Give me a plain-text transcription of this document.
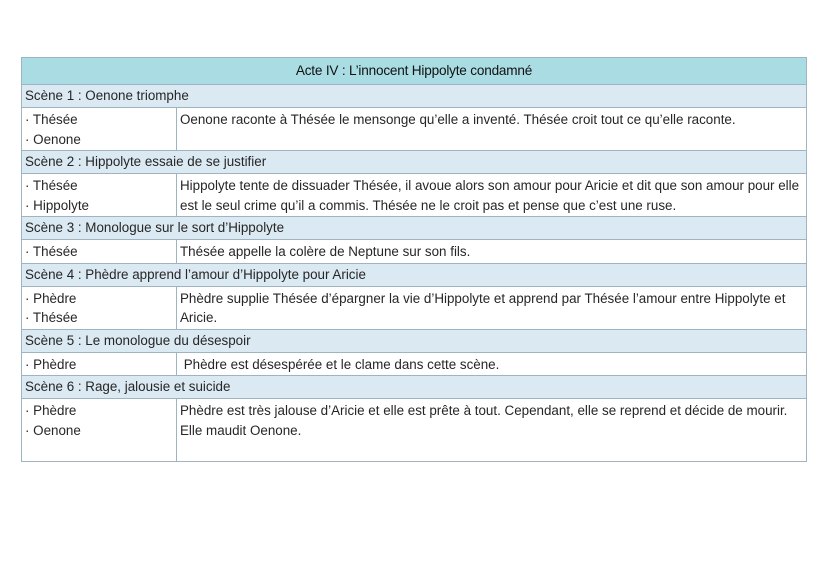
Acte IV : L’innocent Hippolyte condamné	
Scène 1 : Oenone triomphe	

· Thésée
· Oenone	Oenone raconte à Thésée le mensonge qu’elle a inventé. Thésée croit tout ce qu’elle raconte.

Scène 2 : Hippolyte essaie de se justifier	

· Thésée
· Hippolyte	Hippolyte tente de dissuader Thésée, il avoue alors son amour pour Aricie et dit que son amour pour elle est le seul crime qu’il a commis. Thésée ne le croit pas et pense que c’est une ruse.

Scène 3 : Monologue sur le sort d’Hippolyte	

· Thésée	Thésée appelle la colère de Neptune sur son fils.

Scène 4 : Phèdre apprend l’amour d’Hippolyte pour Aricie	

· Phèdre
· Thésée	Phèdre supplie Thésée d’épargner la vie d’Hippolyte et apprend par Thésée l’amour entre Hippolyte et Aricie.

Scène 5 : Le monologue du désespoir	

· Phèdre	Phèdre est désespérée et le clame dans cette scène.

Scène 6 : Rage, jalousie et suicide	

· Phèdre
· Oenone	Phèdre est très jalouse d’Aricie et elle est prête à tout. Cependant, elle se reprend et décide de mourir. Elle maudit Oenone.
